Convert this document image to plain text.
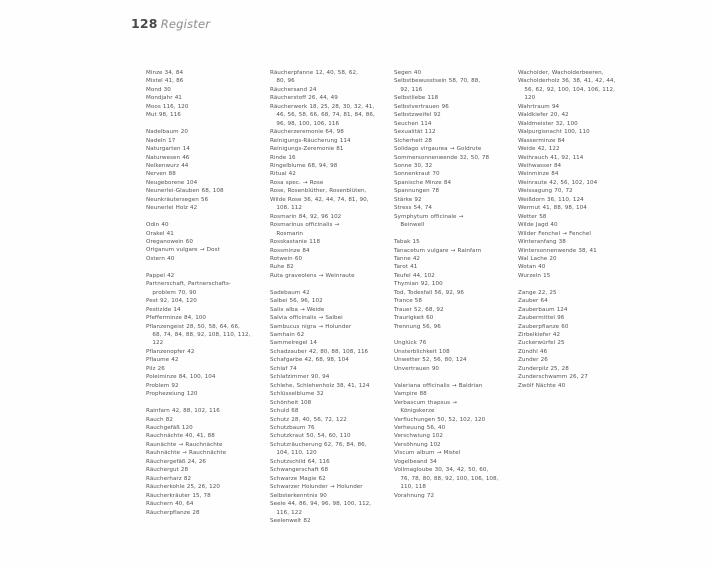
128 Register
Minze 34, 84
Mistel 41, 86
Mond 30
Mondjahr 41
Moos 116, 120
Mut 98, 116
Nadelbaum 20
Nadeln 17
Naturgarten 14
Naturwesen 46
Nelkenwurz 44
Nerven 88
Neugeborene 104
Neunerlei-Glauben 68, 108
Neunkräutersegen 56
Neunerlei Holz 42
Odin 40
Orakel 41
Oreganowein 60
Origanum vulgare → Dost
Ostern 40
Pappel 42
Partnerschaft, Partnerschafts-
problem 70, 90
Pest 92, 104, 120
Pestizide 14
Pfefferminze 84, 100
Pflanzengeist 28, 50, 58, 64, 66,
68, 74, 84, 88, 92, 108, 110, 112,
122
Pflanzenopfer 42
Pflaume 42
Pilz 26
Poleiminze 84, 100, 104
Problem 92
Prophezeiung 120
Rainfarn 42, 88, 102, 116
Rauch 82
Rauchgefäß 120
Rauchnächte 40, 41, 88
Raunächte → Rauchnächte
Rauhnächte → Rauchnächte
Räuchergefäß 24, 26
Räuchergut 28
Räucherharz 82
Räucherkohle 25, 26, 120
Räucherkräuter 15, 78
Räuchern 40, 64
Räucherpflanze 28
Räucherpfanne 12, 40, 58, 62,
80, 96
Räuchersand 24
Räucherstoff 26, 44, 49
Räucherwerk 18, 25, 28, 30, 32, 41,
46, 56, 58, 66, 68, 74, 81, 84, 86,
96, 98, 100, 106, 116
Räucherzeremonie 64, 98
Reinigungs-Räucherung 114
Reinigungs-Zeremonie 81
Rinde 16
Ringelblume 68, 94, 98
Ritual 42
Rosa spec. → Rose
Rose, Rosenblüther, Rosenblüten,
Wilde Rose 36, 42, 44, 74, 81, 90,
108, 112
Rosmarin 84, 92, 96 102
Rosmarinus officinalis →
Rosmarin
Rosskastanie 118
Rossminze 84
Rotwein 60
Ruhe 82
Ruta graveolens → Weinraute
Sadebaum 42
Salbei 56, 96, 102
Salix alba → Weide
Salvia officinalis → Salbei
Sambucus nigra → Holunder
Samhain 62
Sammelregel 14
Schadzauber 42, 80, 88, 108, 116
Schafgarbe 42, 68, 98, 104
Schlaf 74
Schlafzimmer 90, 94
Schlehe, Schlehenholz 38, 41, 124
Schlüsselblume 32
Schönheit 108
Schuld 68
Schutz 28, 40, 56, 72, 122
Schutzbaum 76
Schutzkraut 50, 54, 60, 110
Schutzräucherung 62, 76, 84, 86,
104, 110, 120
Schutzschild 64, 116
Schwangerschaft 68
Schwarze Magie 62
Schwarzer Holunder → Holunder
Selbsterkenntnis 90
Seele 44, 86, 94, 96, 98, 100, 112,
116, 122
Seelenwelt 82
Segen 40
Selbstbewusstsein 58, 70, 88,
92, 116
Selbstliebe 118
Selbstvertrauen 96
Selbstzweifel 92
Seuchen 114
Sexualität 112
Sicherheit 28
Solidago virgaurea → Goldrute
Sommersonnenwende 32, 50, 78
Sonne 30, 32
Sonnenkraut 70
Spanische Minze 84
Spannungen 78
Stärke 92
Stress 54, 74
Symphytum officinale →
Beinwell
Tabak 15
Tanacetum vulgare → Rainfarn
Tanne 42
Tarot 41
Teufel 44, 102
Thymian 92, 100
Tod, Todesfall 56, 92, 96
Trance 58
Trauer 52, 68, 92
Traurigkeit 60
Trennung 56, 96
Unglück 76
Unsterblichkeit 108
Unwetter 52, 56, 80, 124
Unvertrauen 90
Valeriana officinalis → Baldrian
Vampire 88
Verbascum thapsus →
Königskerze
Verfluchungen 50, 52, 102, 120
Verheuung 56, 40
Verschwiung 102
Versöhnung 102
Viscum album → Mistel
Vogelbeand 34
Vollmagloube 30, 34, 42, 50, 60,
76, 78, 80, 88, 92, 100, 106, 108,
110, 118
Vorahnung 72
Wacholder, Wacholderbeeren,
Wacholderholz 36, 38, 41, 42, 44,
56, 62, 92, 100, 104, 106, 112,
120
Wahrtraum 94
Waldkiefer 20, 42
Waldmeister 32, 100
Walpurgisnacht 100, 110
Wasserminze 84
Weide 42, 122
Weihrauch 41, 92, 114
Weihwasser 84
Weinminze 84
Weinraute 42, 56, 102, 104
Weissagung 70, 72
Weißdorn 36, 110, 124
Wermut 41, 88, 98, 104
Wetter 58
Wilde Jagd 40
Wilder Fenchel → Fenchel
Winteranfang 38
Wintersonnenwende 38, 41
Wal Lache 20
Wotan 40
Wurzeln 15
Zange 22, 25
Zauber 64
Zauberbaum 124
Zaubermittel 96
Zauberpflanze 60
Zirbelkiefer 42
Zuckerwürfel 25
Zündhl 46
Zunder 26
Zunderpilz 25, 28
Zunderschwamm 26, 27
Zwölf Nächte 40
